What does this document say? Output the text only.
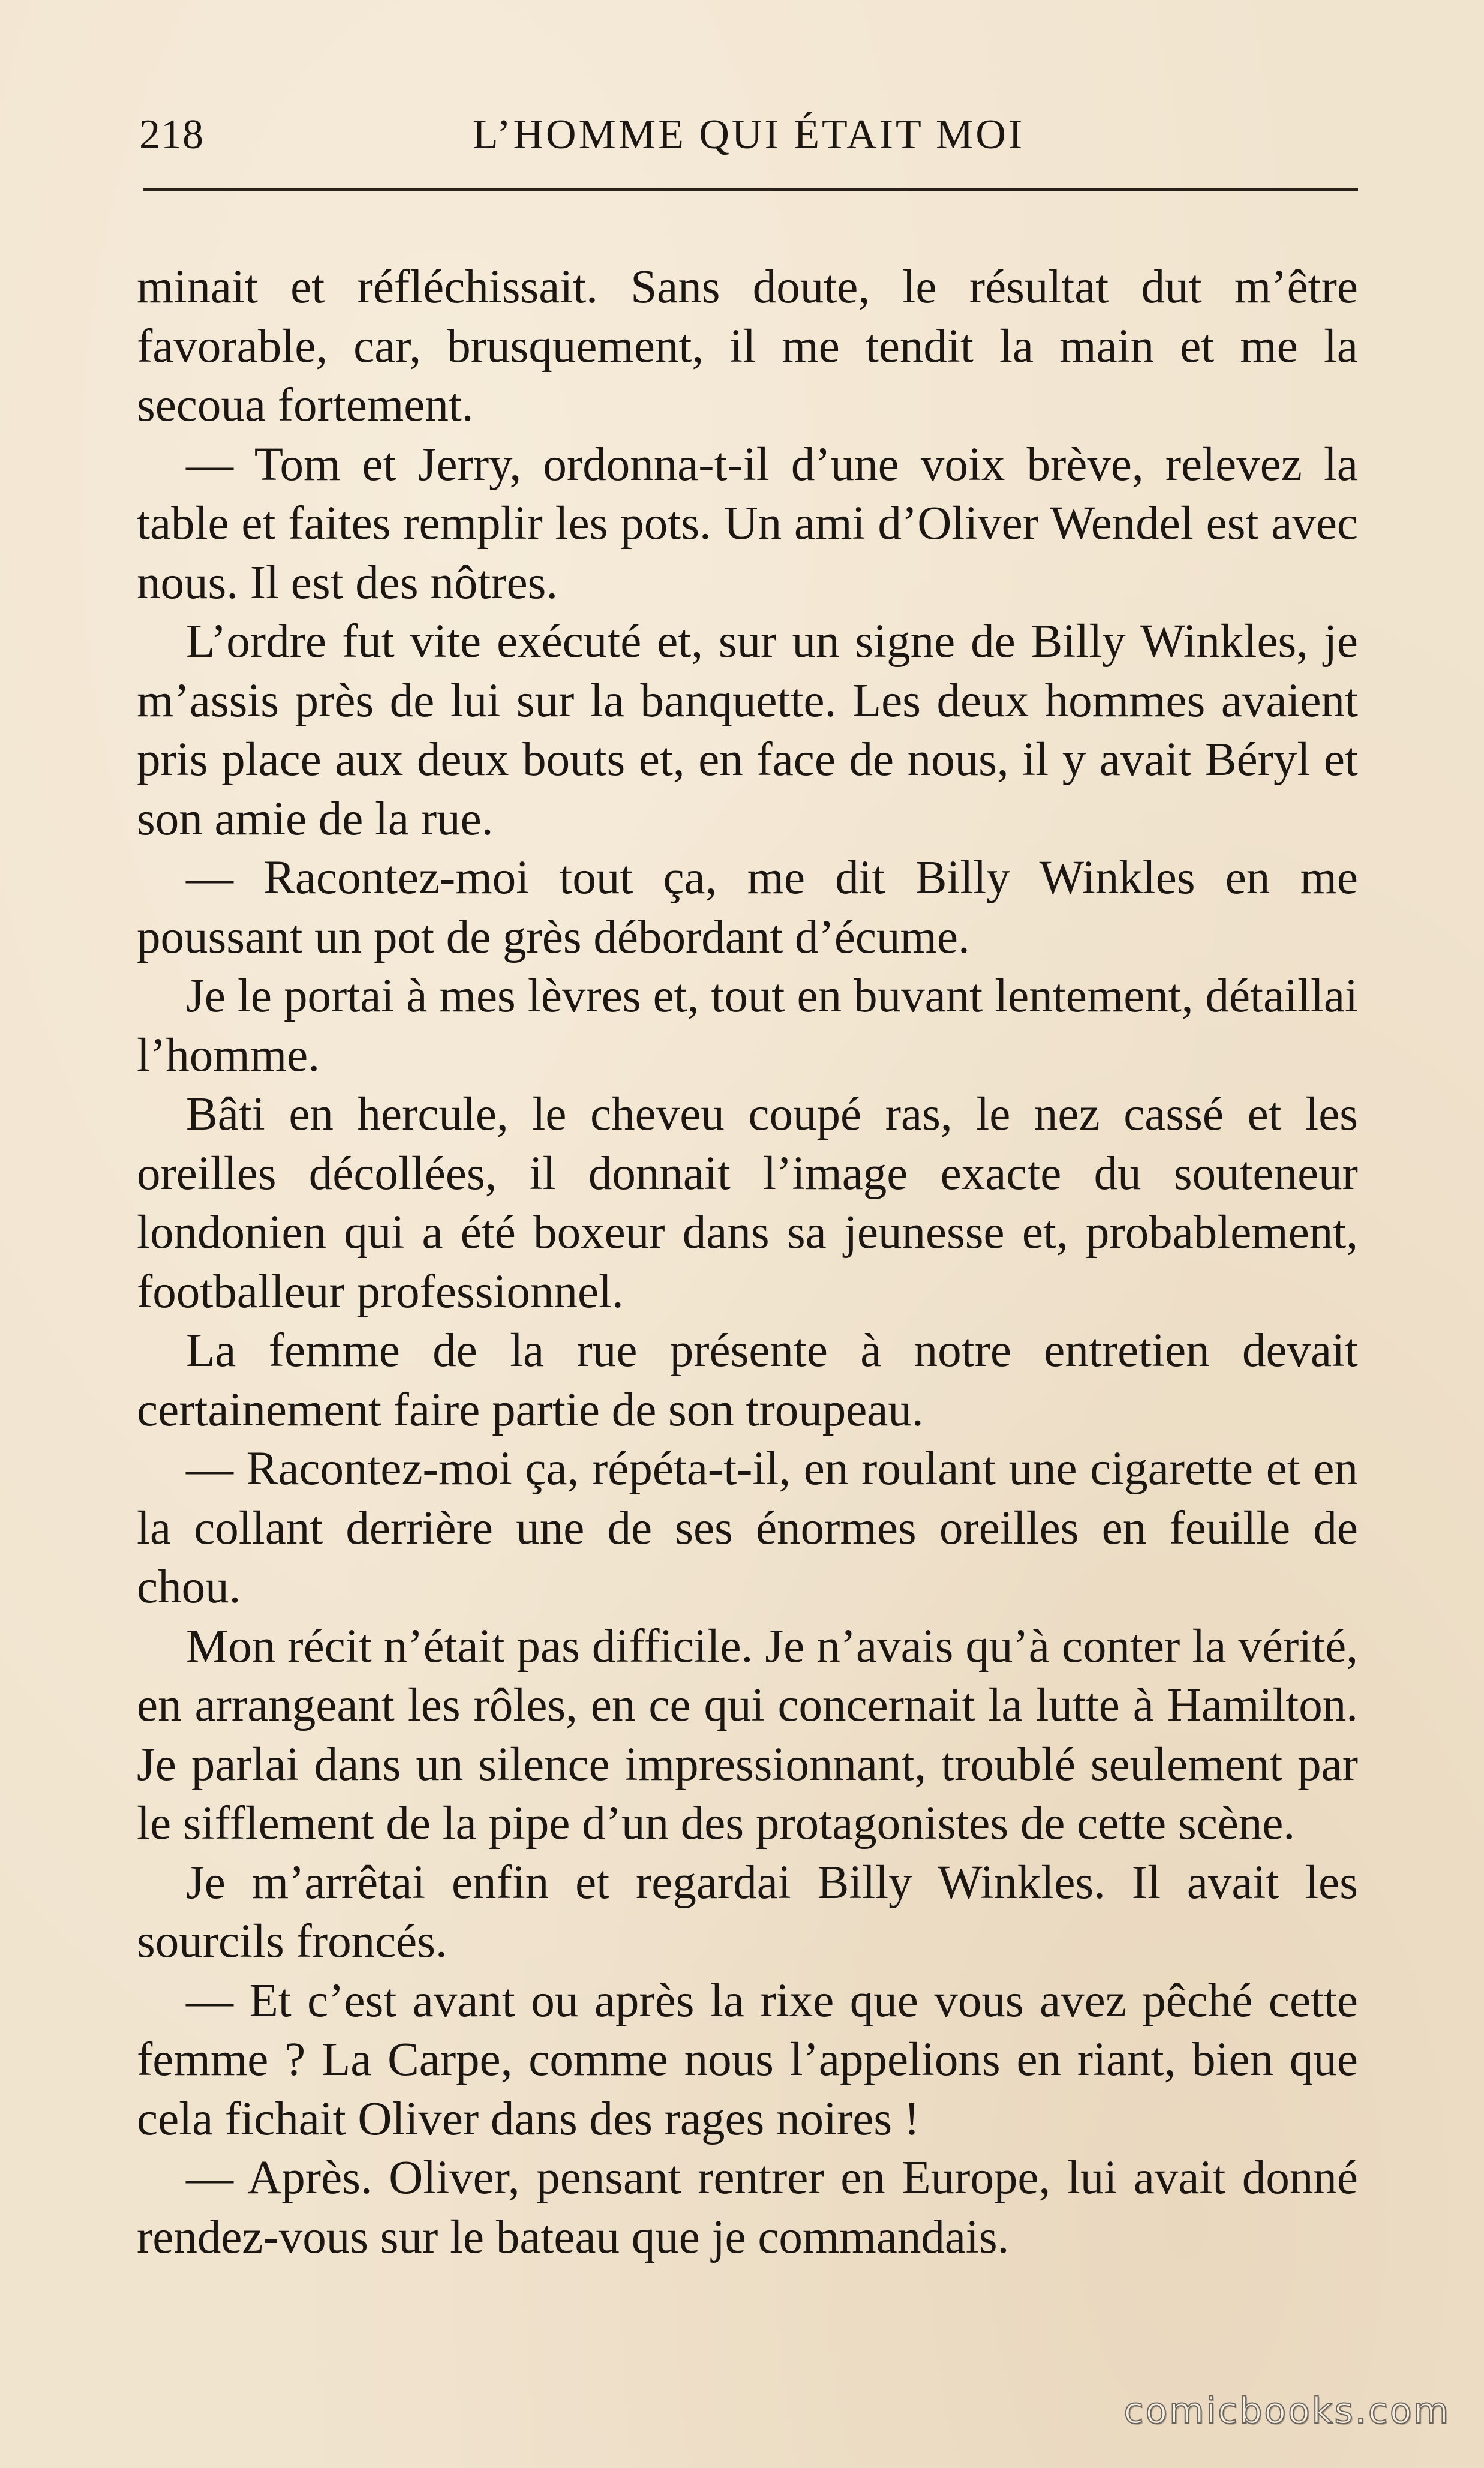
218	L’HOMME QUI ÉTAIT MOI

minait et réfléchissait. Sans doute, le résultat dut m’être favorable, car, brusquement, il me tendit la main et me la secoua fortement.

— Tom et Jerry, ordonna-t-il d’une voix brève, relevez la table et faites remplir les pots. Un ami d’Oliver Wendel est avec nous. Il est des nôtres.

L’ordre fut vite exécuté et, sur un signe de Billy Winkles, je m’assis près de lui sur la banquette. Les deux hommes avaient pris place aux deux bouts et, en face de nous, il y avait Béryl et son amie de la rue.

— Racontez-moi tout ça, me dit Billy Winkles en me poussant un pot de grès débordant d’écume.

Je le portai à mes lèvres et, tout en buvant lentement, détaillai l’homme.

Bâti en hercule, le cheveu coupé ras, le nez cassé et les oreilles décollées, il donnait l’image exacte du souteneur londonien qui a été boxeur dans sa jeunesse et, probablement, footballeur professionnel.

La femme de la rue présente à notre entretien devait certainement faire partie de son troupeau.

— Racontez-moi ça, répéta-t-il, en roulant une cigarette et en la collant derrière une de ses énormes oreilles en feuille de chou.

Mon récit n’était pas difficile. Je n’avais qu’à conter la vérité, en arrangeant les rôles, en ce qui concernait la lutte à Hamilton. Je parlai dans un silence impressionnant, troublé seulement par le sifflement de la pipe d’un des protagonistes de cette scène.

Je m’arrêtai enfin et regardai Billy Winkles. Il avait les sourcils froncés.

— Et c’est avant ou après la rixe que vous avez pêché cette femme ? La Carpe, comme nous l’appelions en riant, bien que cela fichait Oliver dans des rages noires !

— Après. Oliver, pensant rentrer en Europe, lui avait donné rendez-vous sur le bateau que je commandais.

comicbooks.com
